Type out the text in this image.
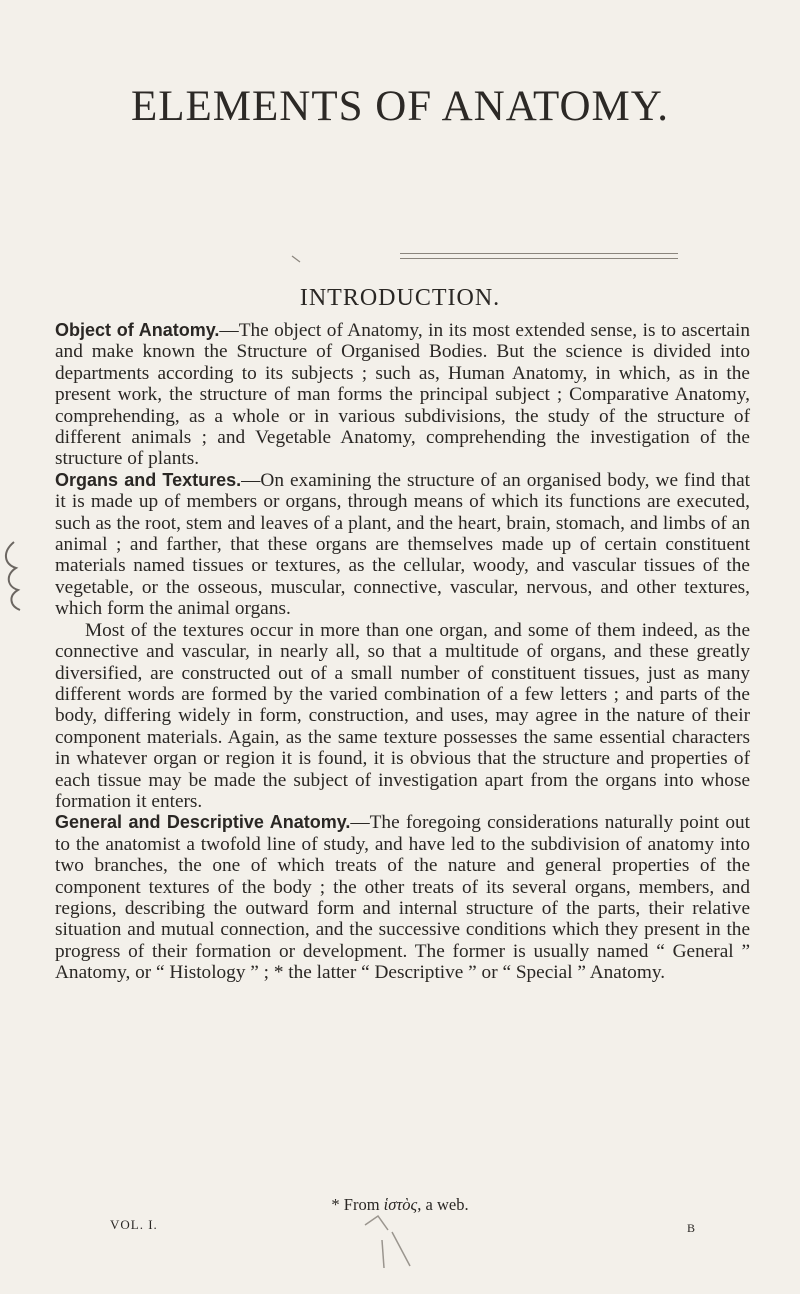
ELEMENTS OF ANATOMY.
INTRODUCTION.

Object of Anatomy.—The object of Anatomy, in its most extended sense, is to ascertain and make known the Structure of Organised Bodies. But the science is divided into departments according to its subjects ; such as, Human Anatomy, in which, as in the present work, the structure of man forms the principal subject ; Comparative Anatomy, comprehending, as a whole or in various subdivisions, the study of the structure of different animals ; and Vegetable Anatomy, comprehending the investigation of the structure of plants.

Organs and Textures.—On examining the structure of an organised body, we find that it is made up of members or organs, through means of which its functions are executed, such as the root, stem and leaves of a plant, and the heart, brain, stomach, and limbs of an animal ; and farther, that these organs are themselves made up of certain constituent materials named tissues or textures, as the cellular, woody, and vascular tissues of the vegetable, or the osseous, muscular, connective, vascular, nervous, and other textures, which form the animal organs.

Most of the textures occur in more than one organ, and some of them indeed, as the connective and vascular, in nearly all, so that a multitude of organs, and these greatly diversified, are constructed out of a small number of constituent tissues, just as many different words are formed by the varied combination of a few letters ; and parts of the body, differing widely in form, construction, and uses, may agree in the nature of their component materials. Again, as the same texture possesses the same essential characters in whatever organ or region it is found, it is obvious that the structure and properties of each tissue may be made the subject of investigation apart from the organs into whose formation it enters.

General and Descriptive Anatomy.—The foregoing considerations naturally point out to the anatomist a twofold line of study, and have led to the subdivision of anatomy into two branches, the one of which treats of the nature and general properties of the component textures of the body ; the other treats of its several organs, members, and regions, describing the outward form and internal structure of the parts, their relative situation and mutual connection, and the successive conditions which they present in the progress of their formation or development. The former is usually named “ General ” Anatomy, or “ Histology ” ; * the latter “ Descriptive ” or “ Special ” Anatomy.

* From ἱστὸς, a web.
VOL. I.	B
